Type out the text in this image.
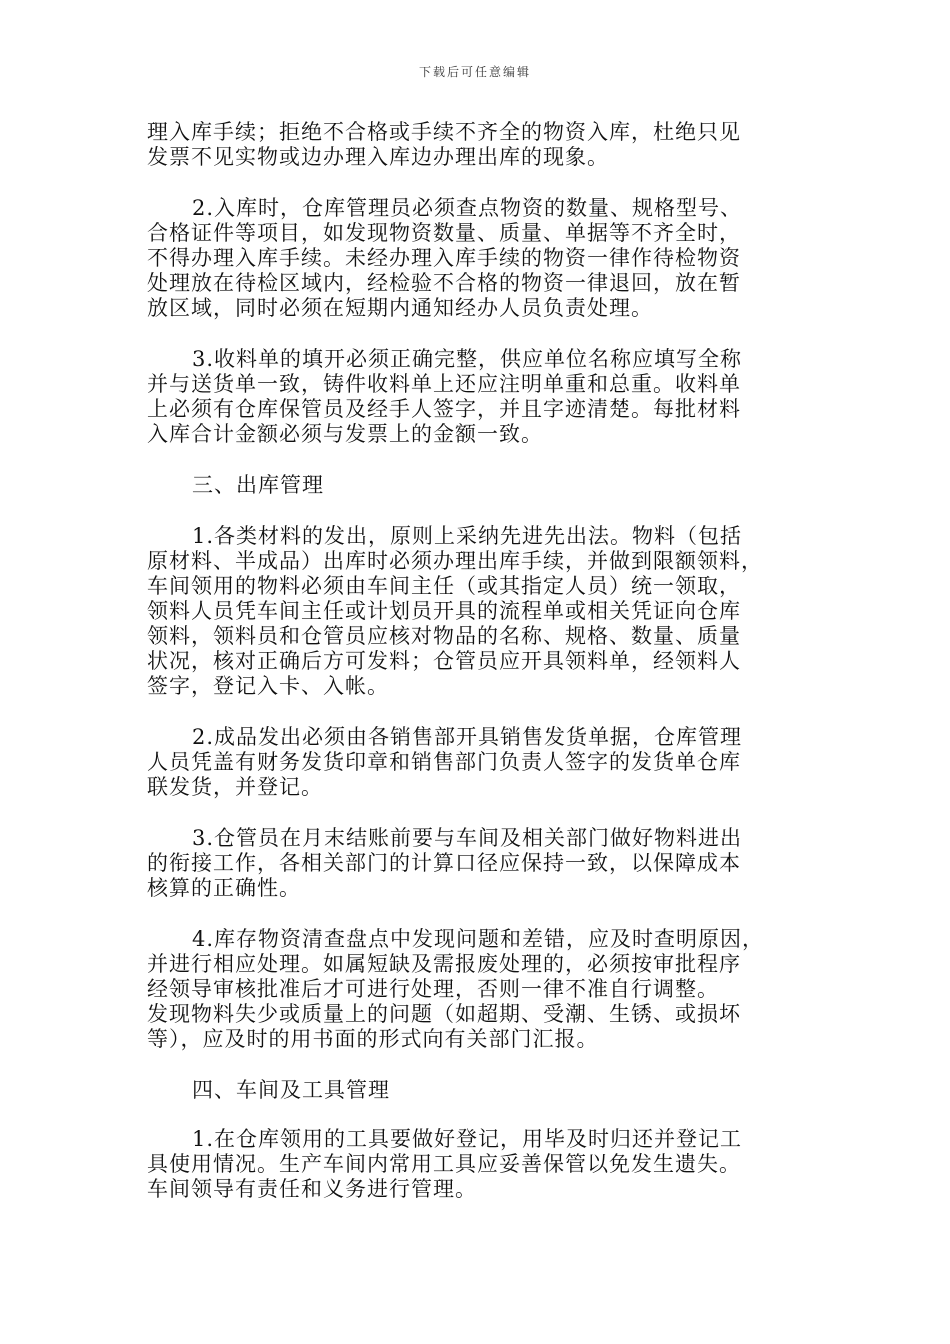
下载后可任意编辑
理入库手续；拒绝不合格或手续不齐全的物资入库，杜绝只见
发票不见实物或边办理入库边办理出库的现象。
2.入库时，仓库管理员必须查点物资的数量、规格型号、
合格证件等项目，如发现物资数量、质量、单据等不齐全时，
不得办理入库手续。未经办理入库手续的物资一律作待检物资
处理放在待检区域内，经检验不合格的物资一律退回，放在暂
放区域，同时必须在短期内通知经办人员负责处理。
3.收料单的填开必须正确完整，供应单位名称应填写全称
并与送货单一致，铸件收料单上还应注明单重和总重。收料单
上必须有仓库保管员及经手人签字，并且字迹清楚。每批材料
入库合计金额必须与发票上的金额一致。
三、出库管理
1.各类材料的发出，原则上采纳先进先出法。物料（包括
原材料、半成品）出库时必须办理出库手续，并做到限额领料，
车间领用的物料必须由车间主任（或其指定人员）统一领取，
领料人员凭车间主任或计划员开具的流程单或相关凭证向仓库
领料，领料员和仓管员应核对物品的名称、规格、数量、质量
状况，核对正确后方可发料；仓管员应开具领料单，经领料人
签字，登记入卡、入帐。
2.成品发出必须由各销售部开具销售发货单据，仓库管理
人员凭盖有财务发货印章和销售部门负责人签字的发货单仓库
联发货，并登记。
3.仓管员在月末结账前要与车间及相关部门做好物料进出
的衔接工作，各相关部门的计算口径应保持一致，以保障成本
核算的正确性。
4.库存物资清查盘点中发现问题和差错，应及时查明原因，
并进行相应处理。如属短缺及需报废处理的，必须按审批程序
经领导审核批准后才可进行处理，否则一律不准自行调整。
发现物料失少或质量上的问题（如超期、受潮、生锈、或损坏
等），应及时的用书面的形式向有关部门汇报。
四、车间及工具管理
1.在仓库领用的工具要做好登记，用毕及时归还并登记工
具使用情况。生产车间内常用工具应妥善保管以免发生遗失。
车间领导有责任和义务进行管理。
